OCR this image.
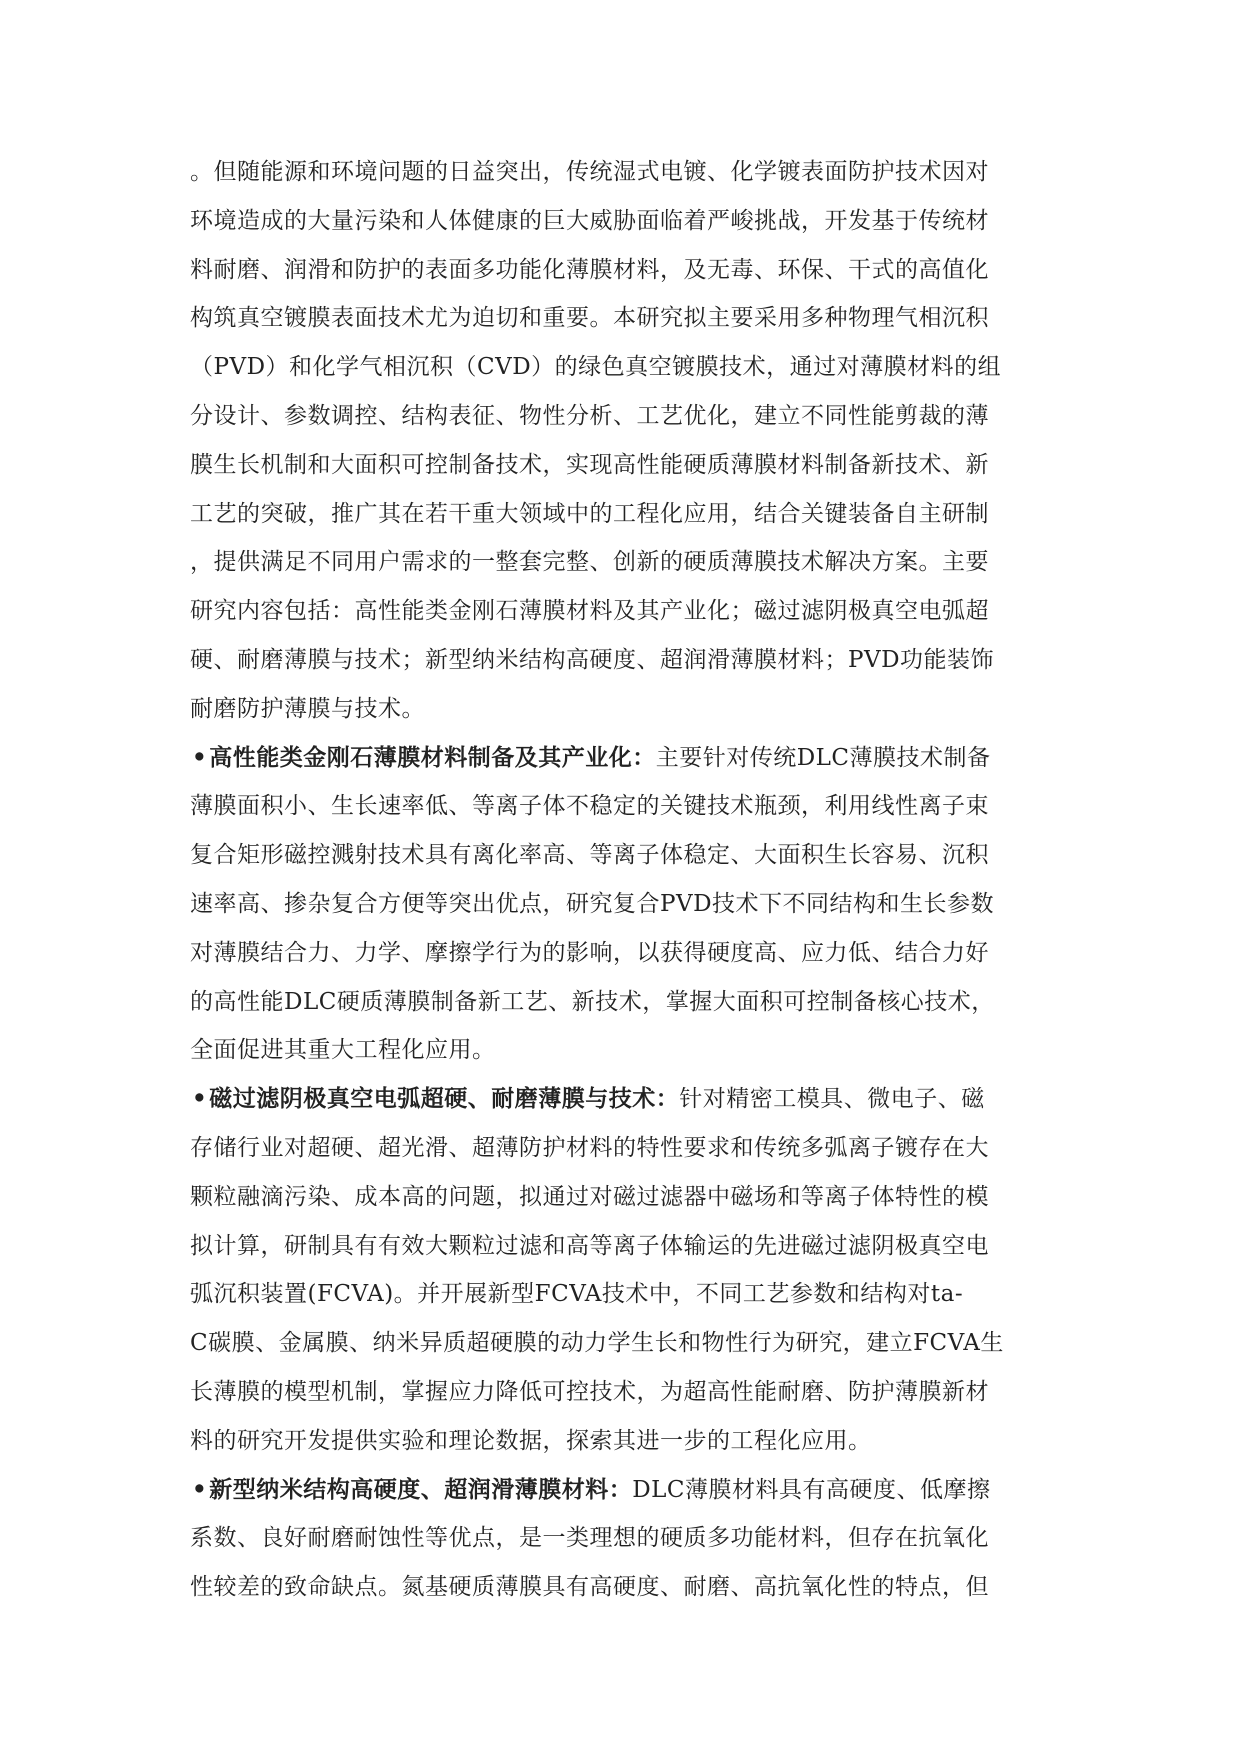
。但随能源和环境问题的日益突出，传统湿式电镀、化学镀表面防护技术因对
环境造成的大量污染和人体健康的巨大威胁面临着严峻挑战，开发基于传统材
料耐磨、润滑和防护的表面多功能化薄膜材料，及无毒、环保、干式的高值化
构筑真空镀膜表面技术尤为迫切和重要。本研究拟主要采用多种物理气相沉积
（PVD）和化学气相沉积（CVD）的绿色真空镀膜技术，通过对薄膜材料的组
分设计、参数调控、结构表征、物性分析、工艺优化，建立不同性能剪裁的薄
膜生长机制和大面积可控制备技术，实现高性能硬质薄膜材料制备新技术、新
工艺的突破，推广其在若干重大领域中的工程化应用，结合关键装备自主研制
，提供满足不同用户需求的一整套完整、创新的硬质薄膜技术解决方案。主要
研究内容包括：高性能类金刚石薄膜材料及其产业化；磁过滤阴极真空电弧超
硬、耐磨薄膜与技术；新型纳米结构高硬度、超润滑薄膜材料；PVD功能装饰
耐磨防护薄膜与技术。
•高性能类金刚石薄膜材料制备及其产业化：主要针对传统DLC薄膜技术制备
薄膜面积小、生长速率低、等离子体不稳定的关键技术瓶颈，利用线性离子束
复合矩形磁控溅射技术具有离化率高、等离子体稳定、大面积生长容易、沉积
速率高、掺杂复合方便等突出优点，研究复合PVD技术下不同结构和生长参数
对薄膜结合力、力学、摩擦学行为的影响，以获得硬度高、应力低、结合力好
的高性能DLC硬质薄膜制备新工艺、新技术，掌握大面积可控制备核心技术，
全面促进其重大工程化应用。
•磁过滤阴极真空电弧超硬、耐磨薄膜与技术：针对精密工模具、微电子、磁
存储行业对超硬、超光滑、超薄防护材料的特性要求和传统多弧离子镀存在大
颗粒融滴污染、成本高的问题，拟通过对磁过滤器中磁场和等离子体特性的模
拟计算，研制具有有效大颗粒过滤和高等离子体输运的先进磁过滤阴极真空电
弧沉积装置(FCVA)。并开展新型FCVA技术中，不同工艺参数和结构对ta-
C碳膜、金属膜、纳米异质超硬膜的动力学生长和物性行为研究，建立FCVA生
长薄膜的模型机制，掌握应力降低可控技术，为超高性能耐磨、防护薄膜新材
料的研究开发提供实验和理论数据，探索其进一步的工程化应用。
•新型纳米结构高硬度、超润滑薄膜材料：DLC薄膜材料具有高硬度、低摩擦
系数、良好耐磨耐蚀性等优点，是一类理想的硬质多功能材料，但存在抗氧化
性较差的致命缺点。氮基硬质薄膜具有高硬度、耐磨、高抗氧化性的特点，但
